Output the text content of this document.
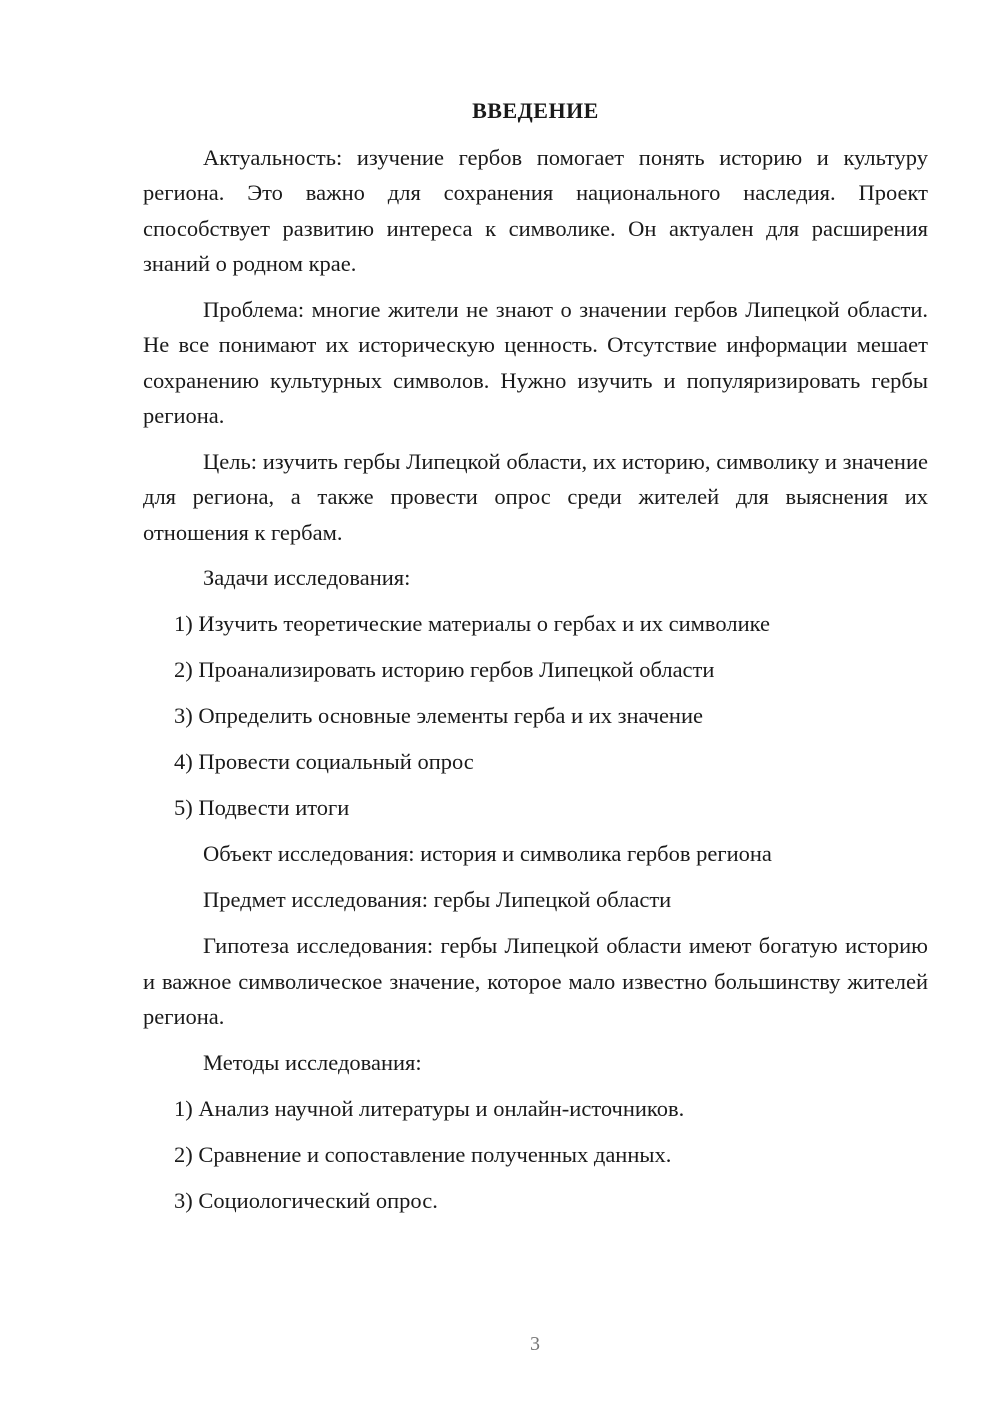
ВВЕДЕНИЕ

Актуальность: изучение гербов помогает понять историю и культуру региона. Это важно для сохранения национального наследия. Проект способствует развитию интереса к символике. Он актуален для расширения знаний о родном крае.

Проблема: многие жители не знают о значении гербов Липецкой области. Не все понимают их историческую ценность. Отсутствие информации мешает сохранению культурных символов. Нужно изучить и популяризировать гербы региона.

Цель: изучить гербы Липецкой области, их историю, символику и значение для региона, а также провести опрос среди жителей для выяснения их отношения к гербам.

Задачи исследования:
1) Изучить теоретические материалы о гербах и их символике
2) Проанализировать историю гербов Липецкой области
3) Определить основные элементы герба и их значение
4) Провести социальный опрос
5) Подвести итоги
Объект исследования: история и символика гербов региона
Предмет исследования: гербы Липецкой области

Гипотеза исследования: гербы Липецкой области имеют богатую историю и важное символическое значение, которое мало известно большинству жителей региона.

Методы исследования:
1) Анализ научной литературы и онлайн-источников.
2) Сравнение и сопоставление полученных данных.
3) Социологический опрос.
3
